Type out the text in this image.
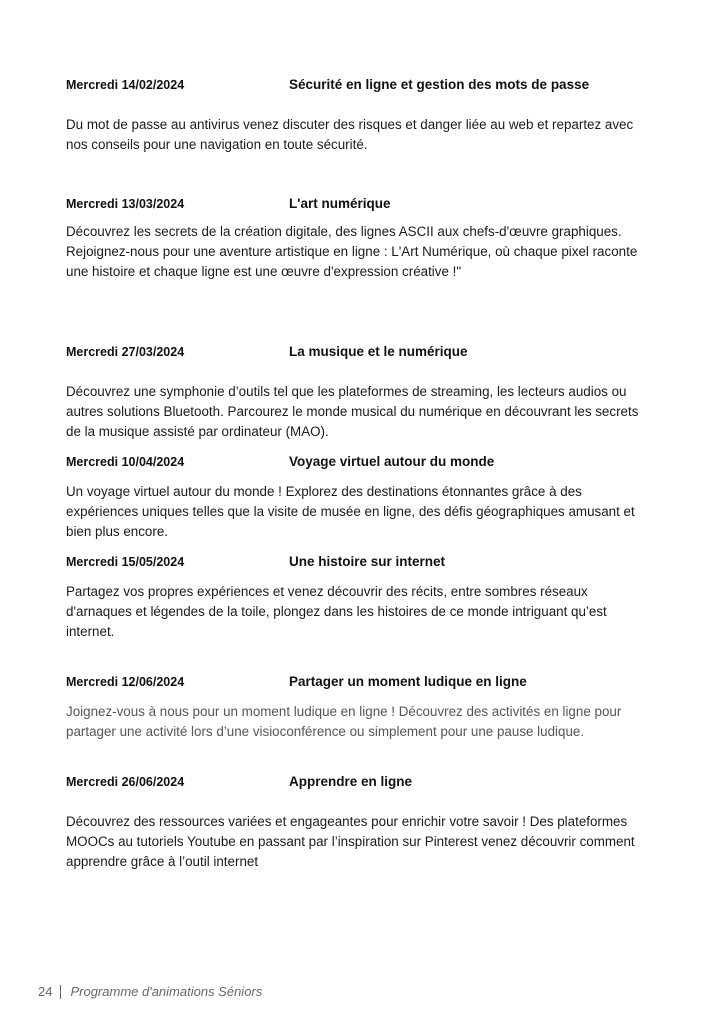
Mercredi 14/02/2024	Sécurité en ligne et gestion des mots de passe

Du mot de passe au antivirus venez discuter des risques et danger liée au web et repartez avec nos conseils pour une navigation en toute sécurité.

Mercredi 13/03/2024	L'art numérique

Découvrez les secrets de la création digitale, des lignes ASCII aux chefs-d'œuvre graphiques. Rejoignez-nous pour une aventure artistique en ligne : L'Art Numérique, où chaque pixel raconte une histoire et chaque ligne est une œuvre d'expression créative !"

Mercredi 27/03/2024	La musique et le numérique

Découvrez une symphonie d’outils tel que les plateformes de streaming, les lecteurs audios ou autres solutions Bluetooth. Parcourez le monde musical du numérique en découvrant les secrets de la musique assisté par ordinateur (MAO).

Mercredi 10/04/2024	Voyage virtuel autour du monde

Un voyage virtuel autour du monde ! Explorez des destinations étonnantes grâce à des expériences uniques telles que la visite de musée en ligne, des défis géographiques amusant et bien plus encore.

Mercredi 15/05/2024	Une histoire sur internet

Partagez vos propres expériences et venez découvrir des récits, entre sombres réseaux d'arnaques et légendes de la toile, plongez dans les histoires de ce monde intriguant qu’est internet.

Mercredi 12/06/2024	Partager un moment ludique en ligne

Joignez-vous à nous pour un moment ludique en ligne ! Découvrez des activités en ligne pour partager une activité lors d’une visioconférence ou simplement pour une pause ludique.

Mercredi 26/06/2024	Apprendre en ligne

Découvrez des ressources variées et engageantes pour enrichir votre savoir ! Des plateformes MOOCs au tutoriels Youtube en passant par l’inspiration sur Pinterest venez découvrir comment apprendre grâce à l’outil internet

24 Programme d'animations Séniors
